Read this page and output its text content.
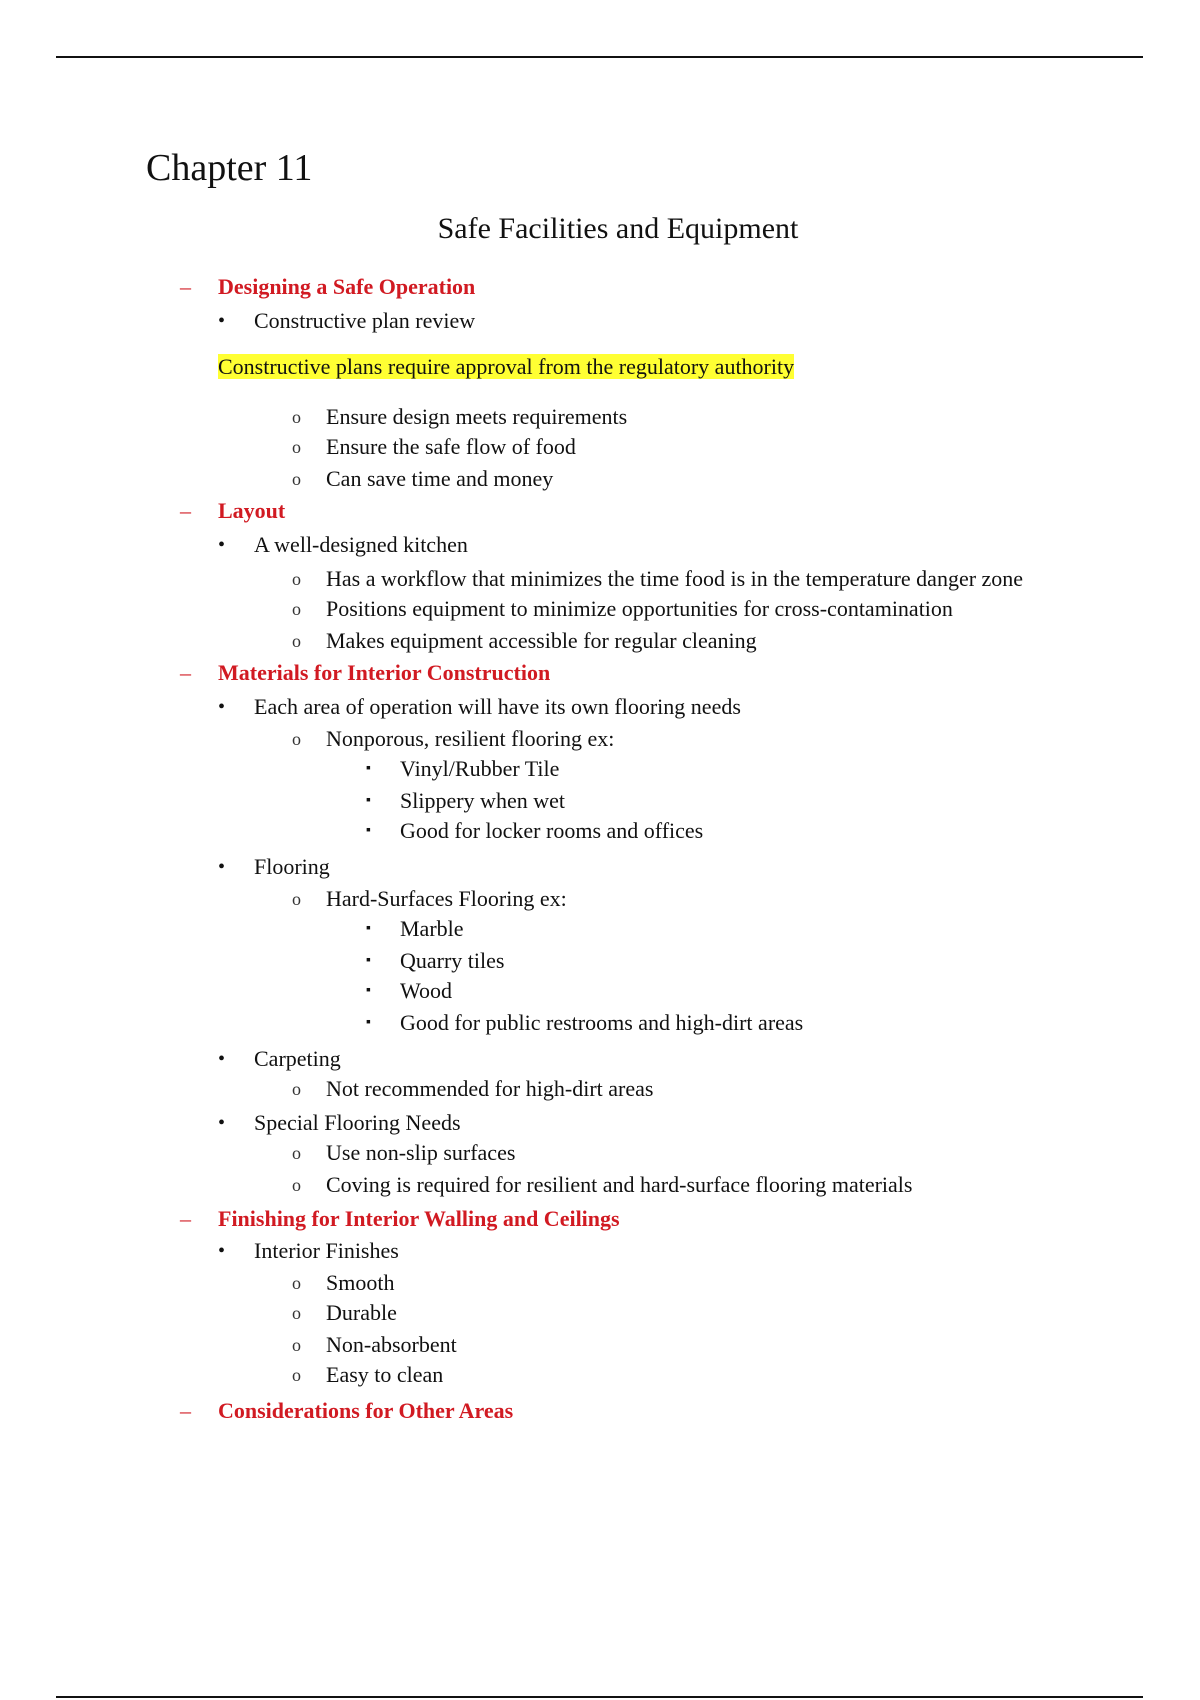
Chapter 11
Safe Facilities and Equipment
– Designing a Safe Operation
• Constructive plan review
Constructive plans require approval from the regulatory authority
o Ensure design meets requirements
o Ensure the safe flow of food
o Can save time and money
– Layout
• A well-designed kitchen
o Has a workflow that minimizes the time food is in the temperature danger zone
o Positions equipment to minimize opportunities for cross-contamination
o Makes equipment accessible for regular cleaning
– Materials for Interior Construction
• Each area of operation will have its own flooring needs
o Nonporous, resilient flooring ex:
▪ Vinyl/Rubber Tile
▪ Slippery when wet
▪ Good for locker rooms and offices
• Flooring
o Hard-Surfaces Flooring ex:
▪ Marble
▪ Quarry tiles
▪ Wood
▪ Good for public restrooms and high-dirt areas
• Carpeting
o Not recommended for high-dirt areas
• Special Flooring Needs
o Use non-slip surfaces
o Coving is required for resilient and hard-surface flooring materials
– Finishing for Interior Walling and Ceilings
• Interior Finishes
o Smooth
o Durable
o Non-absorbent
o Easy to clean
– Considerations for Other Areas
